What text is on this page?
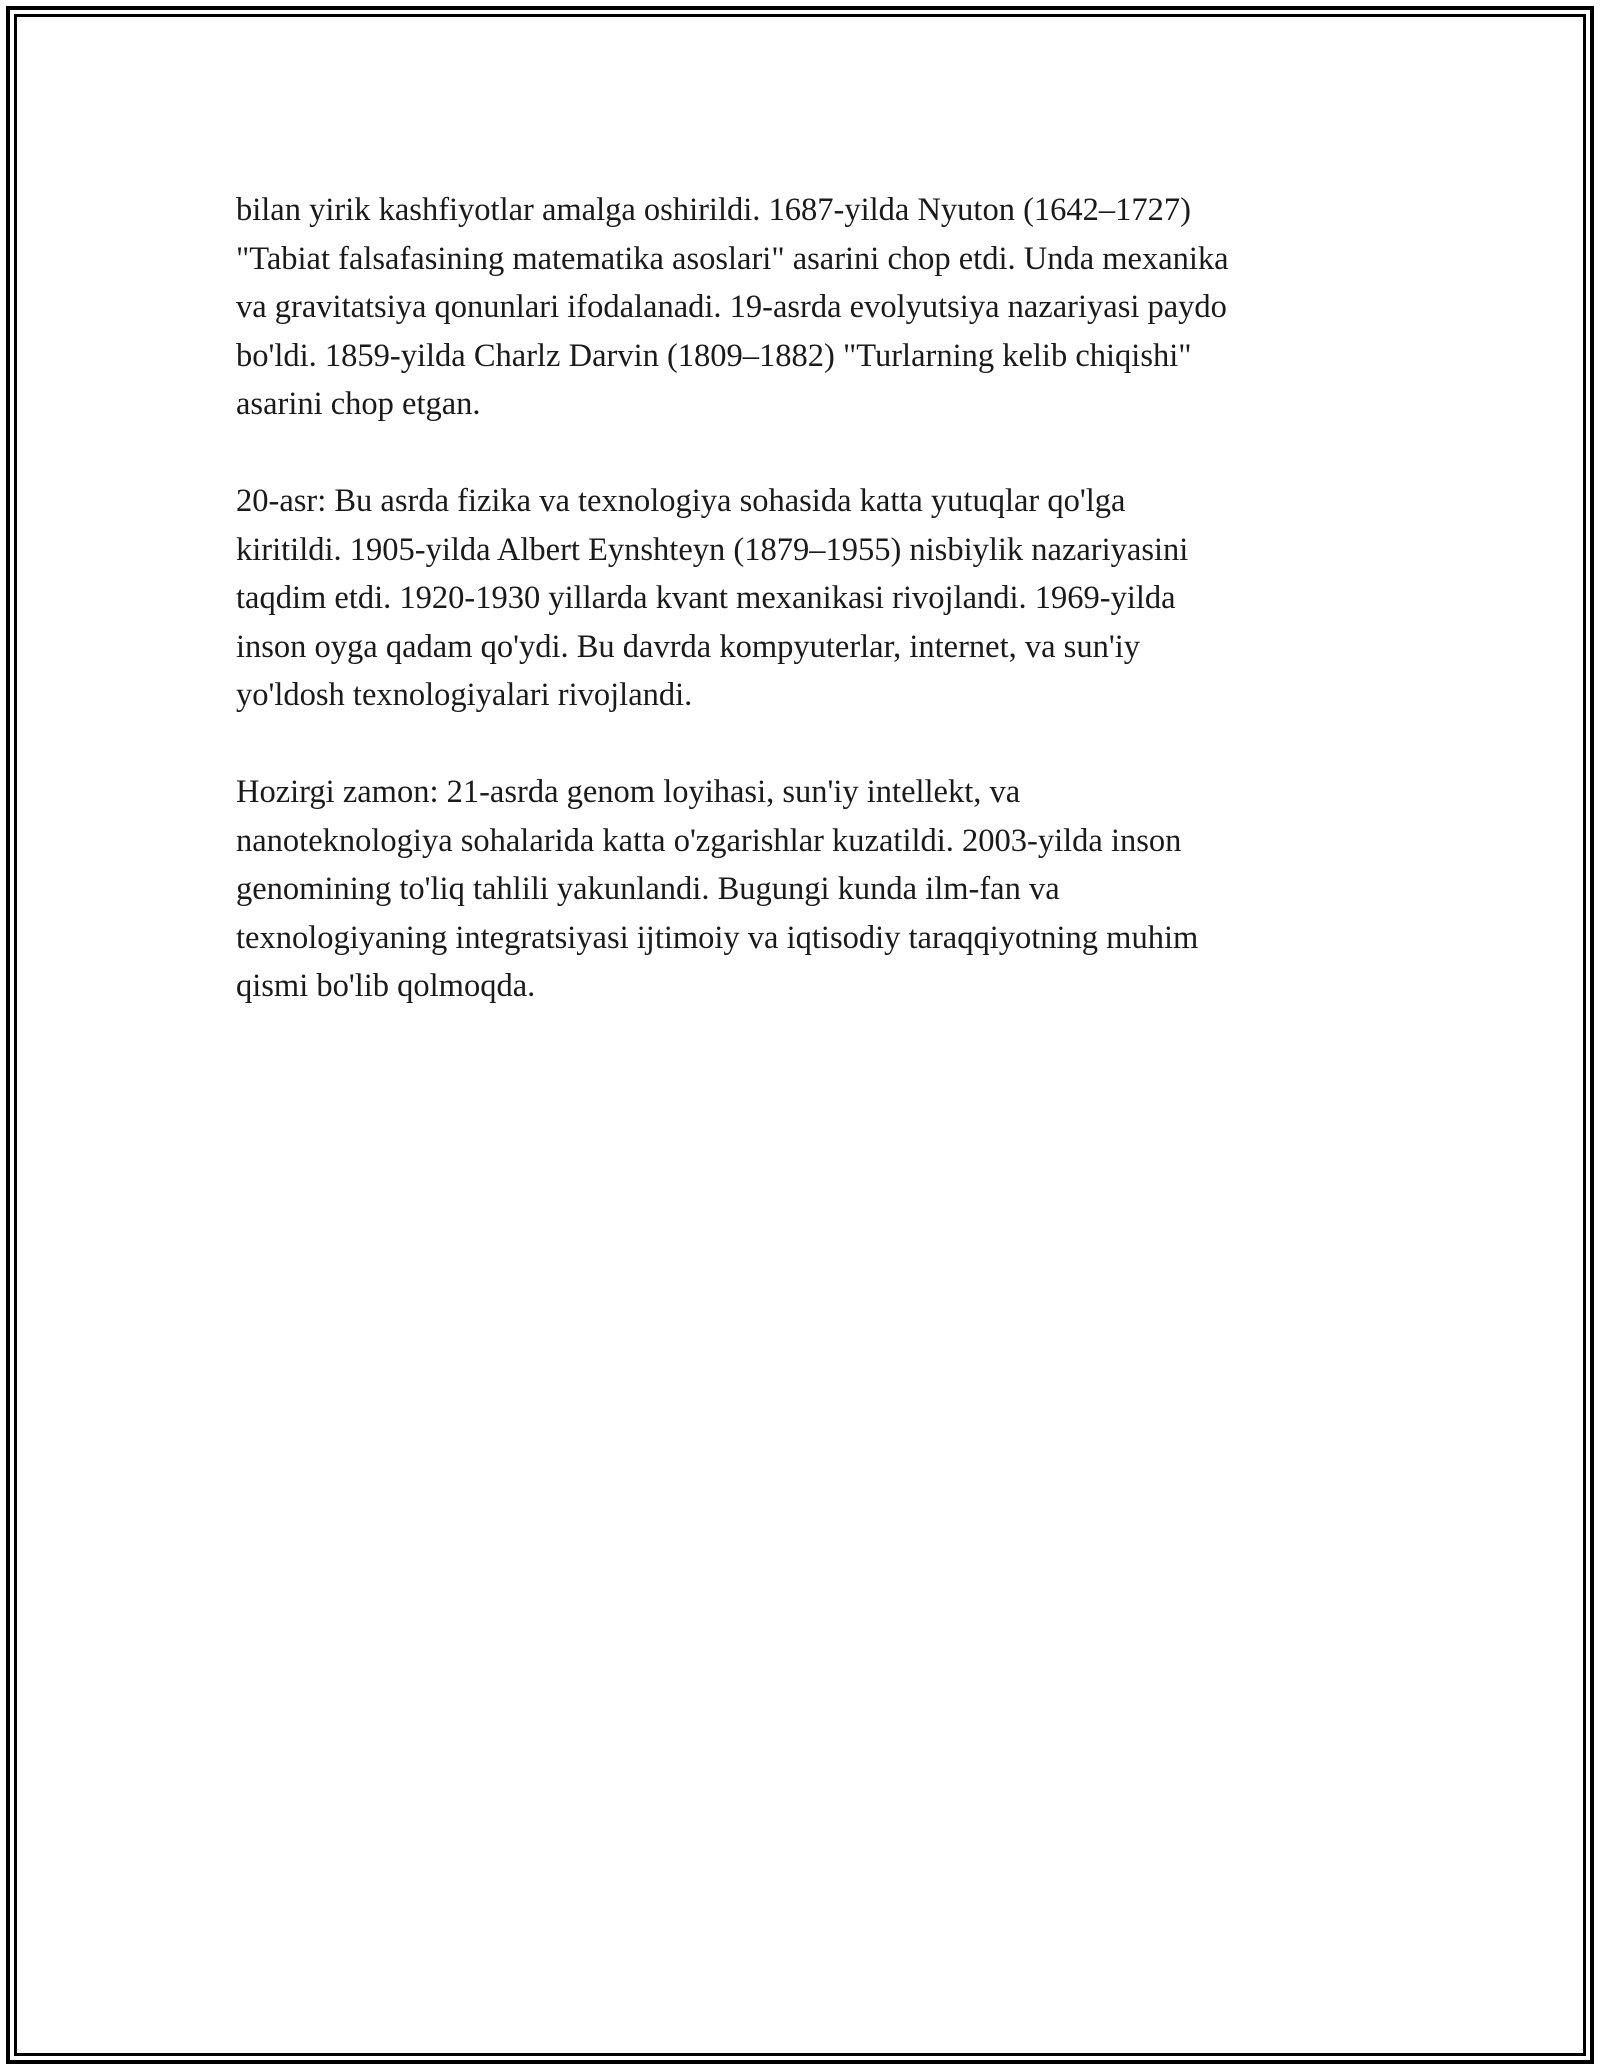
bilan yirik kashfiyotlar amalga oshirildi. 1687-yilda Nyuton (1642–1727)
"Tabiat falsafasining matematika asoslari" asarini chop etdi. Unda mexanika
va gravitatsiya qonunlari ifodalanadi. 19-asrda evolyutsiya nazariyasi paydo
bo'ldi. 1859-yilda Charlz Darvin (1809–1882) "Turlarning kelib chiqishi"
asarini chop etgan.

20-asr: Bu asrda fizika va texnologiya sohasida katta yutuqlar qo'lga
kiritildi. 1905-yilda Albert Eynshteyn (1879–1955) nisbiylik nazariyasini
taqdim etdi. 1920-1930 yillarda kvant mexanikasi rivojlandi. 1969-yilda
inson oyga qadam qo'ydi. Bu davrda kompyuterlar, internet, va sun'iy
yo'ldosh texnologiyalari rivojlandi.

Hozirgi zamon: 21-asrda genom loyihasi, sun'iy intellekt, va
nanoteknologiya sohalarida katta o'zgarishlar kuzatildi. 2003-yilda inson
genomining to'liq tahlili yakunlandi. Bugungi kunda ilm-fan va
texnologiyaning integratsiyasi ijtimoiy va iqtisodiy taraqqiyotning muhim
qismi bo'lib qolmoqda.
